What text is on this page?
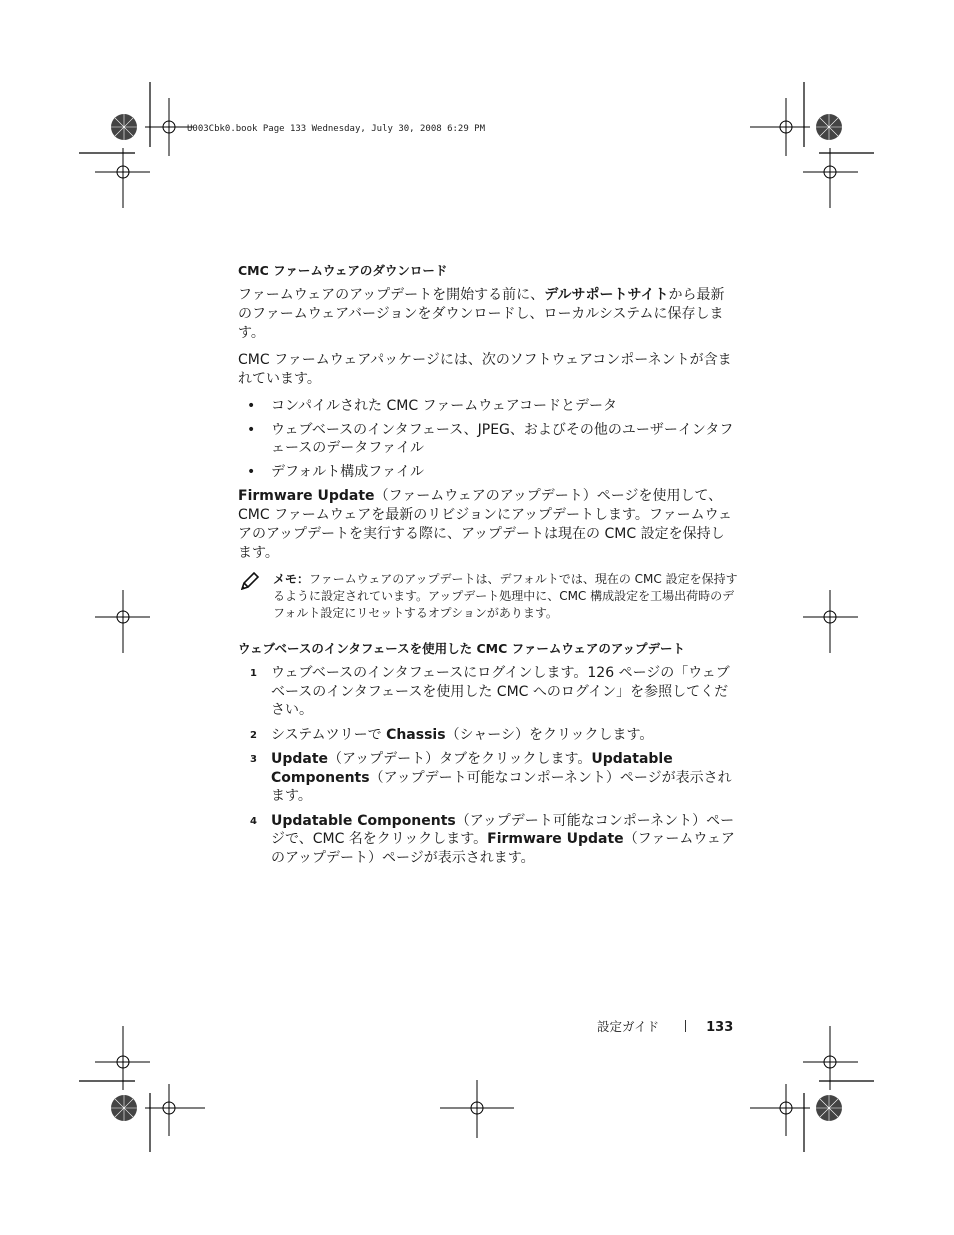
U003Cbk0.book Page 133 Wednesday, July 30, 2008 6:29 PM
CMC ファームウェアのダウンロード

ファームウェアのアップデートを開始する前に、デルサポートサイトから最新のファームウェアバージョンをダウンロードし、ローカルシステムに保存します。

CMC ファームウェアパッケージには、次のソフトウェアコンポーネントが含まれています。

• コンパイルされた CMC ファームウェアコードとデータ
• ウェブベースのインタフェース、JPEG、およびその他のユーザーインタフェースのデータファイル
• デフォルト構成ファイル

Firmware Update（ファームウェアのアップデート）ページを使用して、CMC ファームウェアを最新のリビジョンにアップデートします。ファームウェアのアップデートを実行する際に、アップデートは現在の CMC 設定を保持します。

メモ：ファームウェアのアップデートは、デフォルトでは、現在の CMC 設定を保持するように設定されています。アップデート処理中に、CMC 構成設定を工場出荷時のデフォルト設定にリセットするオプションがあります。
ウェブベースのインタフェースを使用した CMC ファームウェアのアップデート
1 ウェブベースのインタフェースにログインします。126 ページの「ウェブベースのインタフェースを使用した CMC へのログイン」を参照してください。
2 システムツリーで Chassis（シャーシ）をクリックします。
3 Update（アップデート）タブをクリックします。Updatable Components（アップデート可能なコンポーネント）ページが表示されます。
4 Updatable Components（アップデート可能なコンポーネント）ページで、CMC 名をクリックします。Firmware Update（ファームウェアのアップデート）ページが表示されます。
設定ガイド	133
